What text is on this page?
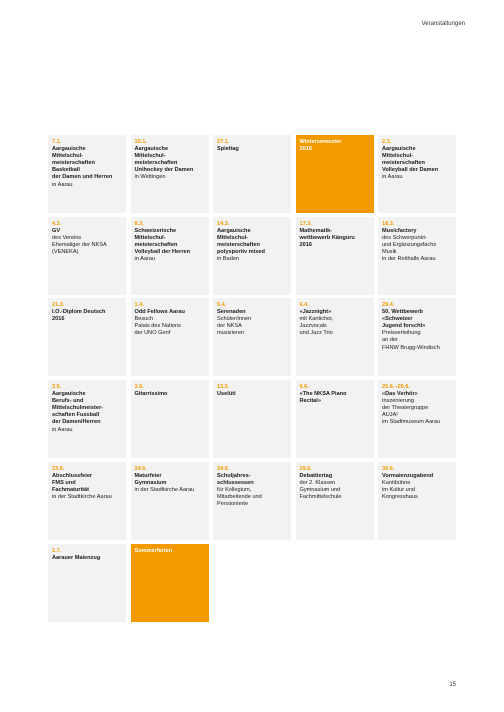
Veranstaltungen
7.1.
Aargauische
Mittelschul-
meisterschaften
Basketball
der Damen und Herren
in Aarau
15.1.
Aargauische
Mittelschul-
meisterschaften
Unihockey der Damen
in Wettingen
27.1.
Spieltag
Wintersemester
2016
2.3.
Aargauische
Mittelschul-
meisterschaften
Volleyball der Damen
in Aarau
4.3.
GV
des Vereins
Ehemaliger der NKSA
(VENEKA)
8.3.
Schweizerische
Mittelschul-
meisterschaften
Volleyball der Herren
in Aarau
14.3.
Aargauische
Mittelschul-
meisterschaften
polysportiv mixed
in Baden
17.3.
Mathematik-
wettbewerb Känguru
2016
18.3.
Musicfactory
des Schwerpunkt-
und Ergänzungsfachs
Musik
in der Reithalle Aarau
21.3.
I.O.-Diplom Deutsch
2016
1.4.
Odd Fellows Aarau
Besuch
Palais des Nations
der UNO Genf
5.4.
Serenaden
Schüler/innen
der NKSA
musizieren
6.4.
«Jazznight»
mit Kantichor,
Jazzvocals
und Jazz Trio
29.4.
50. Wettbewerb
«Schweizer
Jugend forscht»
Preisverleihung
an der
FHNW Brugg-Windisch
3.5.
Aargauische
Berufs- und
Mittelschulmeister-
schaften Fussball
der Damen/Herren
in Aarau
3.5.
Gitarrissimo
13.5.
Uselüti
9.6.
«The NKSA Piano
Recital»
25.6.–29.6.
«Das Verhör»
Inszenierung
der Theatergruppe
AUJA!
im Stadtmuseum Aarau
23.6.
Abschlussfeier
FMS und
Fachmaturität
in der Stadtkirche Aarau
24.6.
Maturfeier
Gymnasium
in der Stadtkirche Aarau
24.6.
Schuljahres-
schlussessen
für Kollegium,
Mitarbeitende und
Pensionierte
29.6.
Debattiertag
der 2. Klassen
Gymnasium und
Fachmittelschule
30.6.
Vormaienzugabend
Kantibühne
im Kultur und
Kongresshaus
1.7.
Aarauer Maienzug
Sommerferien
15
